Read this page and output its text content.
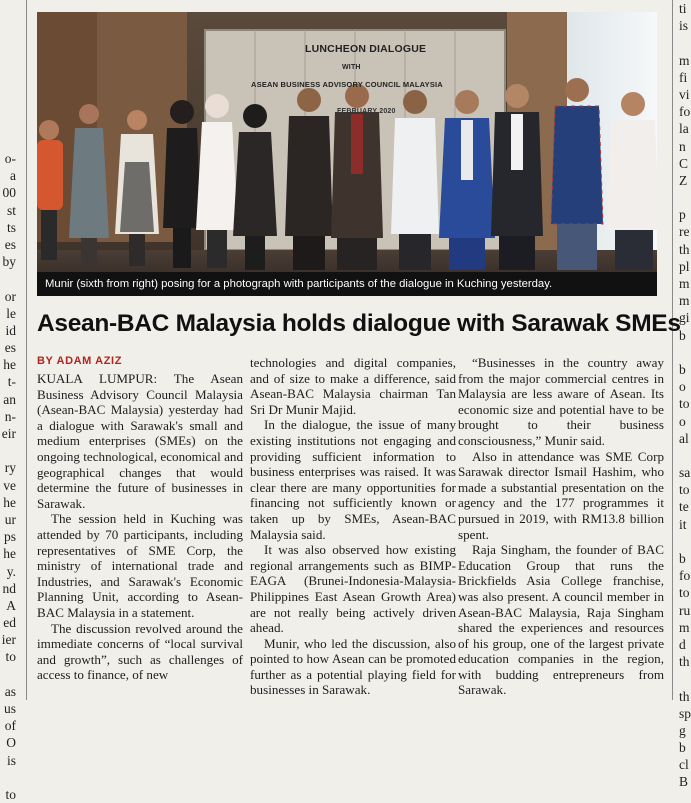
o-
a
00
st
ts
es
by
or
le
id
es
he
t-
an
n-
eir
ry
ve
he
ur
ps
he
y.
nd
A
ed
ier
to
as
us
of
O
is
to
ti
is
m
fi
vi
fo
la
n
C
Z
p
re
th
pl
m
m
gi
b
b
o
to
o
al
sa
to
te
it
b
fo
to
ru
m
d
th
th
sp
g
b
cl
B
LUNCHEON DIALOGUE
WITH
ASEAN BUSINESS ADVISORY COUNCIL MALAYSIA
FEBRUARY 2020
Munir (sixth from right) posing for a photograph with participants of the dialogue in Kuching yesterday.
Asean-BAC Malaysia holds dialogue with Sarawak SMEs
BY ADAM AZIZ

KUALA LUMPUR: The Asean Business Advisory Council Malaysia (Asean-BAC Malaysia) yesterday had a dialogue with Sarawak's small and medium enterprises (SMEs) on the ongoing technological, economical and geographical changes that would determine the future of businesses in Sarawak.

The session held in Kuching was attended by 70 participants, including representatives of SME Corp, the ministry of international trade and Industries, and Sarawak's Economic Planning Unit, according to Asean-BAC Malaysia in a statement.

The discussion revolved around the immediate concerns of “local survival and growth”, such as challenges of access to finance, of new

technologies and digital companies, and of size to make a difference, said Asean-BAC Malaysia chairman Tan Sri Dr Munir Majid.

In the dialogue, the issue of many existing institutions not engaging and providing sufficient information to business enterprises was raised. It was clear there are many opportunities for financing not sufficiently known or taken up by SMEs, Asean-BAC Malaysia said.

It was also observed how existing regional arrangements such as BIMP-EAGA (Brunei-Indonesia-Malaysia-Philippines East Asean Growth Area) are not really being actively driven ahead.

Munir, who led the discussion, also pointed to how Asean can be promoted further as a potential playing field for businesses in Sarawak.

“Businesses in the country away from the major commercial centres in Malaysia are less aware of Asean. Its economic size and potential have to be brought to their business consciousness,” Munir said.

Also in attendance was SME Corp Sarawak director Ismail Hashim, who made a substantial presentation on the agency and the 177 programmes it pursued in 2019, with RM13.8 billion spent.

Raja Singham, the founder of BAC Education Group that runs the Brickfields Asia College franchise, was also present. A council member in Asean-BAC Malaysia, Raja Singham shared the experiences and resources of his group, one of the largest private education companies in the region, with budding entrepreneurs from Sarawak.
